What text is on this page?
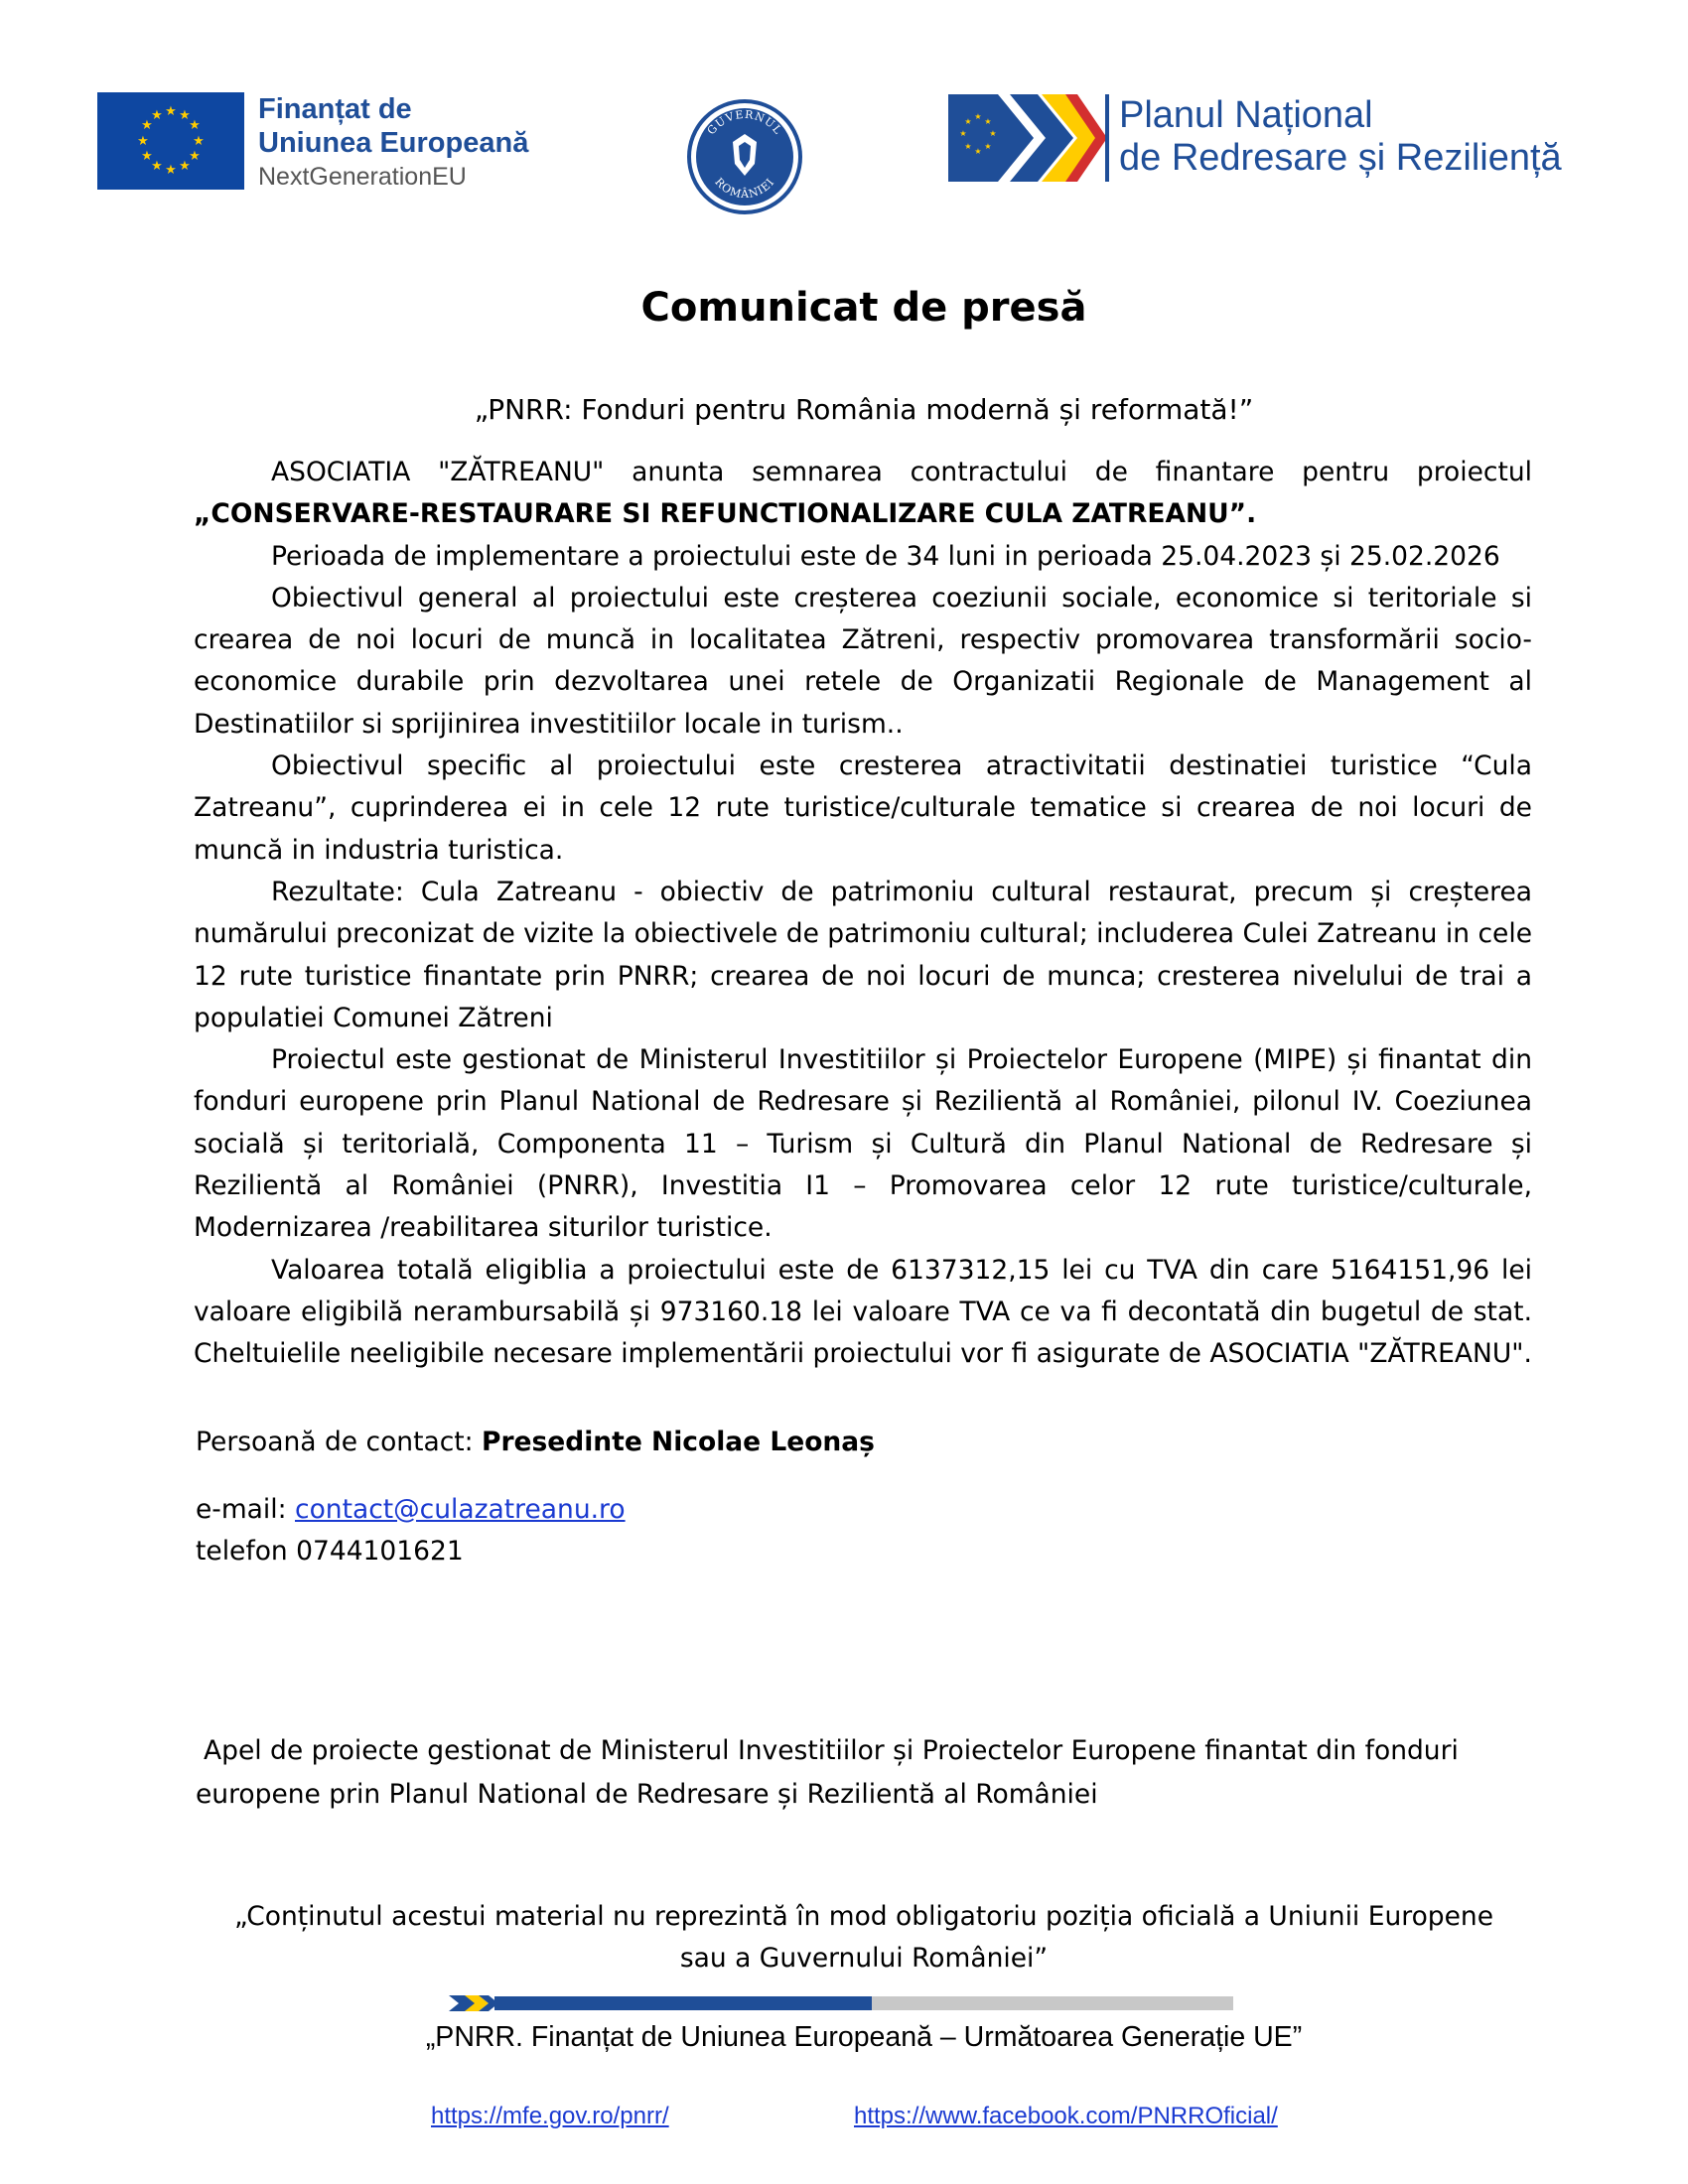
★ ★
★
★
★
★
★
★
★
★
★
★	Finanțat de
Uniunea Europeană
NextGenerationEU
GUVERNUL
ROMÂNIEI
★
★
★
★
★
★
★
★	Planul Național
de Redresare și Reziliență
Comunicat de presă
„PNRR: Fonduri pentru România modernă și reformată!”

ASOCIATIA "ZĂTREANU" anunta semnarea contractului de finantare pentru proiectul „CONSERVARE-RESTAURARE SI REFUNCTIONALIZARE CULA ZATREANU”.

Perioada de implementare a proiectului este de 34 luni in perioada 25.04.2023 și 25.02.2026

Obiectivul general al proiectului este creșterea coeziunii sociale, economice si teritoriale si crearea de noi locuri de muncă in localitatea Zătreni, respectiv promovarea transformării socio-economice durabile prin dezvoltarea unei retele de Organizatii Regionale de Management al Destinatiilor si sprijinirea investitiilor locale in turism..

Obiectivul specific al proiectului este cresterea atractivitatii destinatiei turistice “Cula Zatreanu”, cuprinderea ei in cele 12 rute turistice/culturale tematice si crearea de noi locuri de muncă in industria turistica.

Rezultate: Cula Zatreanu - obiectiv de patrimoniu cultural restaurat, precum și creșterea numărului preconizat de vizite la obiectivele de patrimoniu cultural; includerea Culei Zatreanu in cele 12 rute turistice finantate prin PNRR; crearea de noi locuri de munca; cresterea nivelului de trai a populatiei Comunei Zătreni

Proiectul este gestionat de Ministerul Investitiilor și Proiectelor Europene (MIPE) și finantat din fonduri europene prin Planul National de Redresare și Rezilientă al României, pilonul IV. Coeziunea socială și teritorială, Componenta 11 – Turism și Cultură din Planul National de Redresare și Rezilientă al României (PNRR), Investitia I1 – Promovarea celor 12 rute turistice/culturale, Modernizarea /reabilitarea siturilor turistice.

Valoarea totală eligiblia a proiectului este de 6137312,15 lei cu TVA din care 5164151,96 lei valoare eligibilă nerambursabilă și 973160.18 lei valoare TVA ce va fi decontată din bugetul de stat. Cheltuielile neeligibile necesare implementării proiectului vor fi asigurate de ASOCIATIA "ZĂTREANU".

Persoană de contact: Presedinte Nicolae Leonaș
e-mail: contact@culazatreanu.ro
telefon 0744101621
Apel de proiecte gestionat de Ministerul Investitiilor și Proiectelor Europene finantat din fonduri
europene prin Planul National de Redresare și Rezilientă al României
„Conținutul acestui material nu reprezintă în mod obligatoriu poziția oficială a Uniunii Europene
sau a Guvernului României”
„PNRR. Finanțat de Uniunea Europeană – Următoarea Generație UE”
https://mfe.gov.ro/pnrr/	https://www.facebook.com/PNRROficial/
